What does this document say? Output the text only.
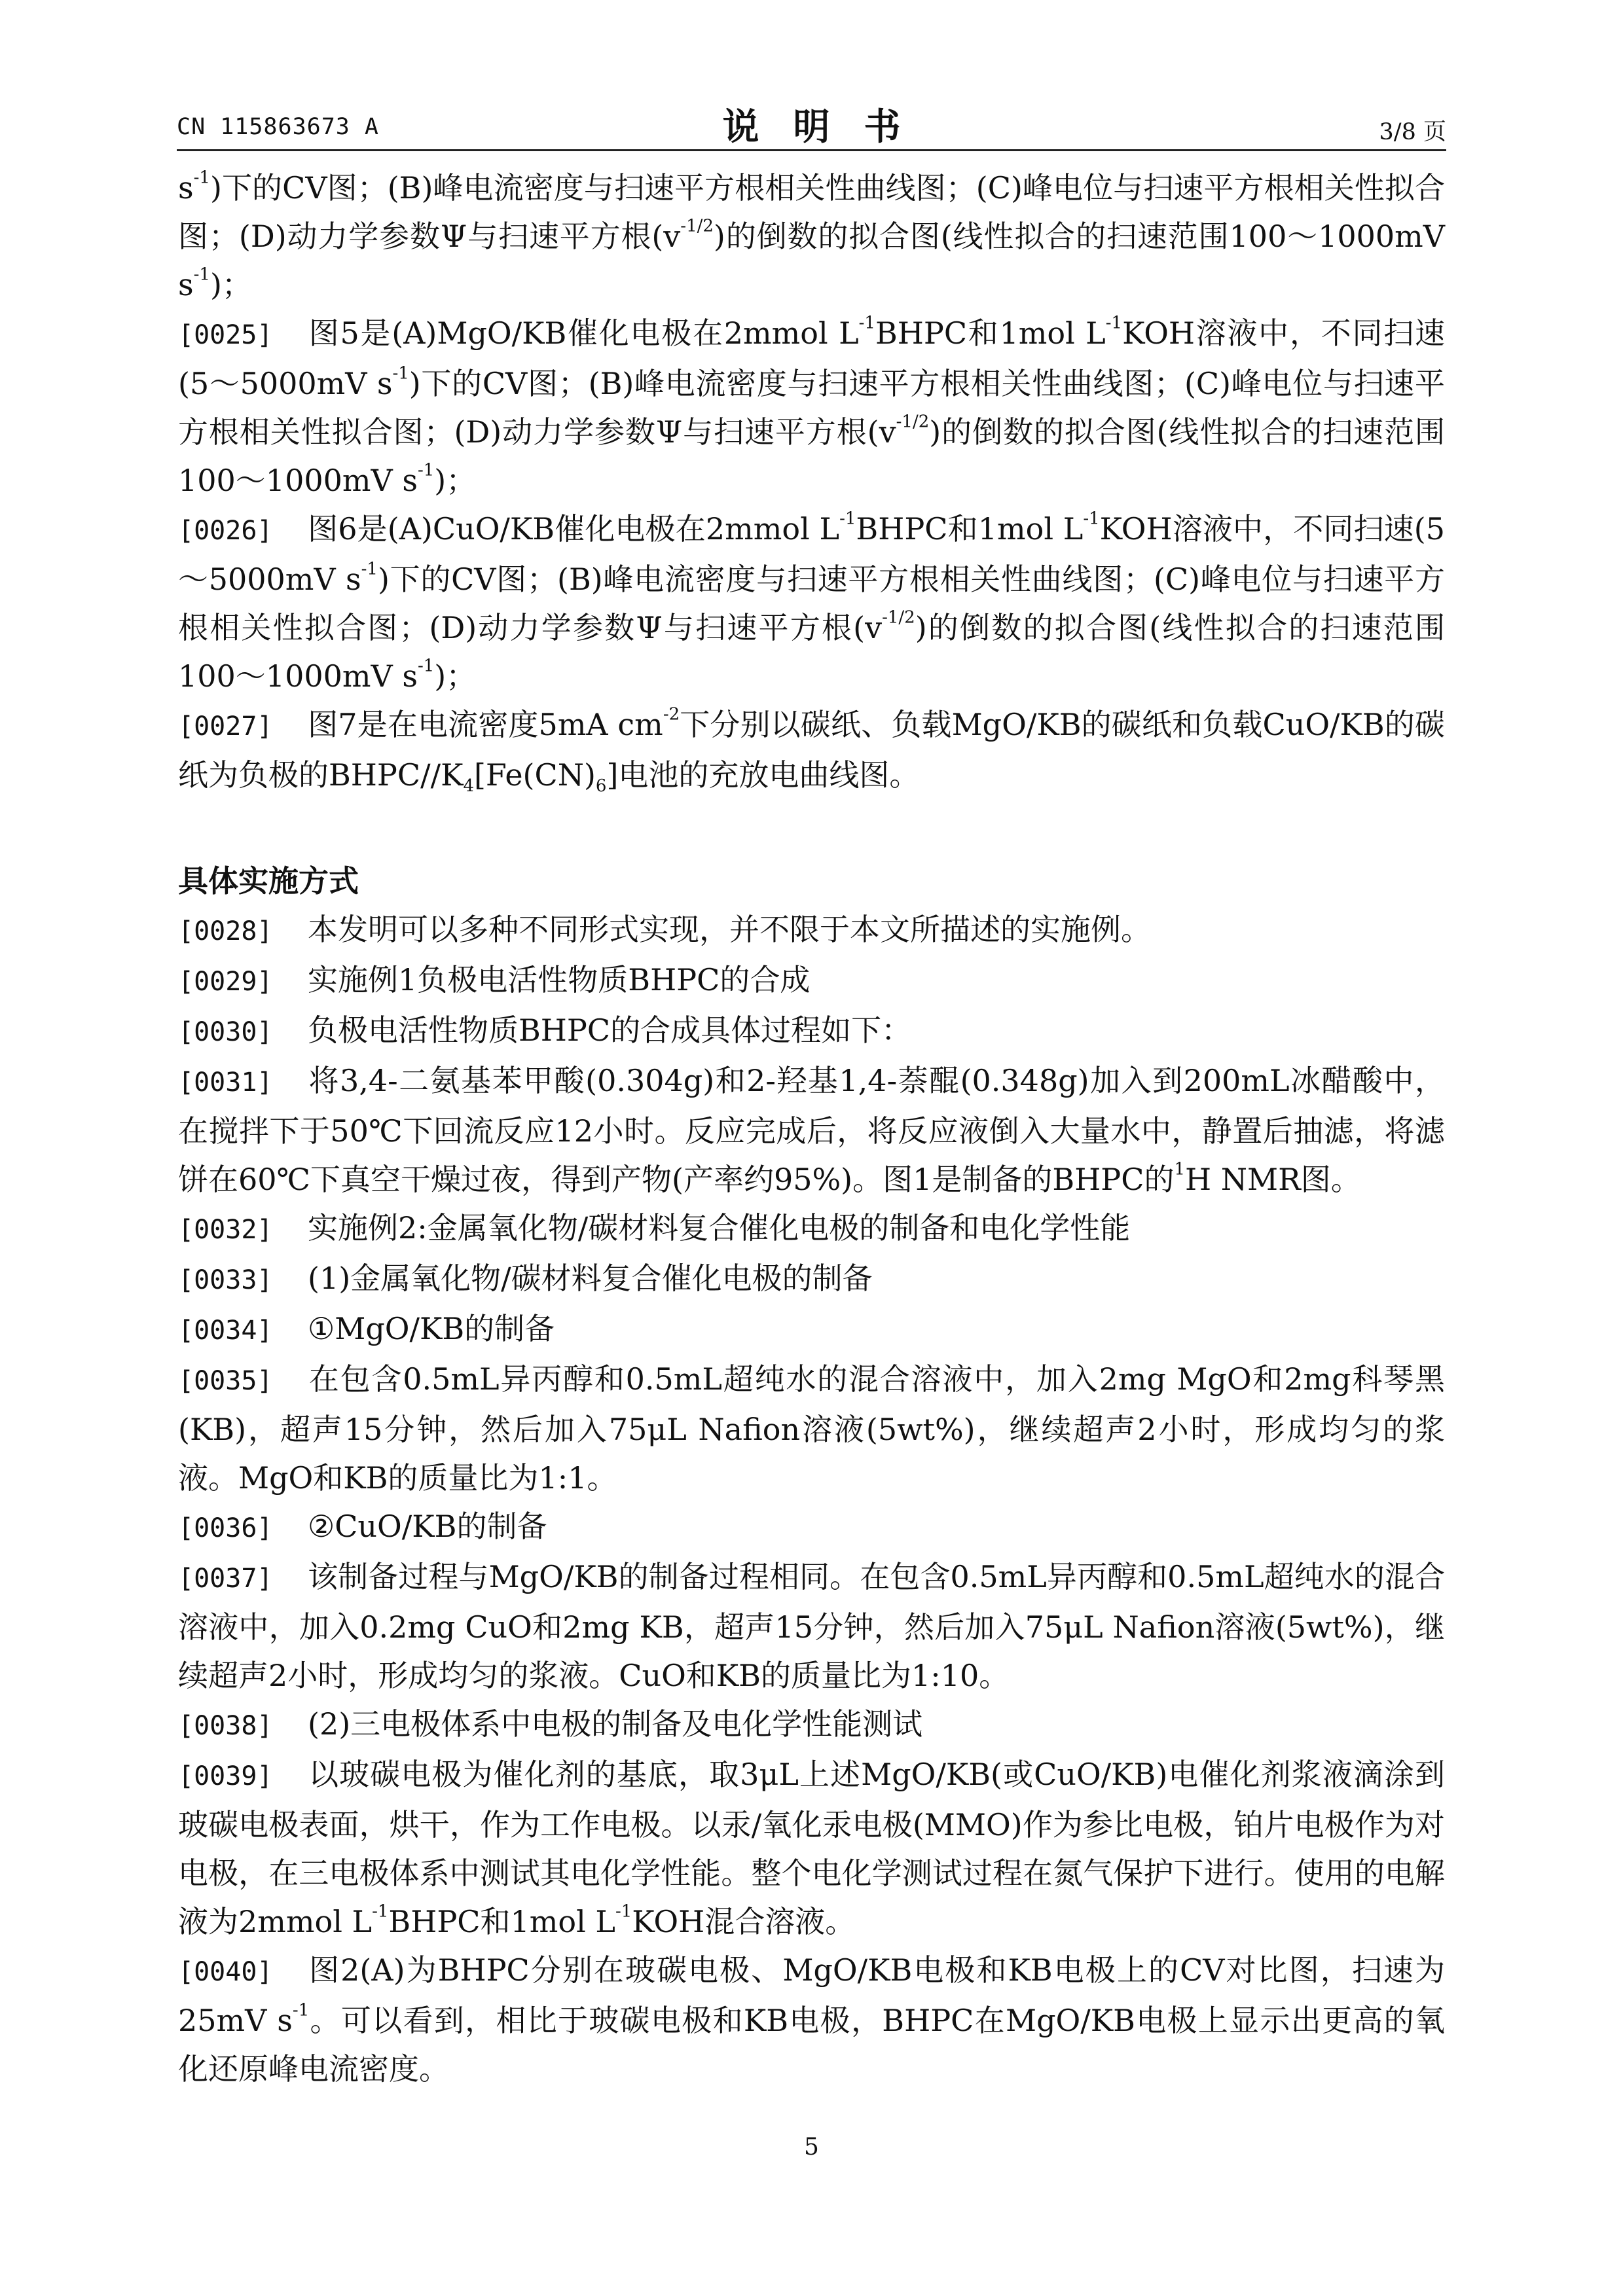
CN 115863673 A	说明书	3/8 页

$s^{-1}$)下的CV图；(B)峰电流密度与扫速平方根相关性曲线图；(C)峰电位与扫速平方根相关性拟合图；(D)动力学参数Ψ与扫速平方根$(v^{-1/2})$的倒数的拟合图(线性拟合的扫速范围100～1000mV $s^{-1}$)；

[0025] 图5是(A)MgO/KB催化电极在2mmol $L^{-1}BHPC$和1mol $L^{-1}KOH$溶液中，不同扫速(5～5000mV $s^{-1}$)下的CV图；(B)峰电流密度与扫速平方根相关性曲线图；(C)峰电位与扫速平方根相关性拟合图；(D)动力学参数Ψ与扫速平方根$(v^{-1/2})$的倒数的拟合图(线性拟合的扫速范围100～1000mV $s^{-1}$)；

[0026] 图6是(A)CuO/KB催化电极在2mmol $L^{-1}BHPC$和1mol $L^{-1}KOH$溶液中，不同扫速(5～5000mV $s^{-1}$)下的CV图；(B)峰电流密度与扫速平方根相关性曲线图；(C)峰电位与扫速平方根相关性拟合图；(D)动力学参数Ψ与扫速平方根$(v^{-1/2})$的倒数的拟合图(线性拟合的扫速范围100～1000mV $s^{-1}$)；

[0027] 图7是在电流密度5mA $cm^{-2}$下分别以碳纸、负载MgO/KB的碳纸和负载CuO/KB的碳纸为负极的BHPC/$/K_4[Fe(CN)_6]$电池的充放电曲线图。

具体实施方式

[0028] 本发明可以多种不同形式实现，并不限于本文所描述的实施例。

[0029] 实施例1负极电活性物质BHPC的合成

[0030] 负极电活性物质BHPC的合成具体过程如下：

[0031] 将3,4-二氨基苯甲酸(0.304g)和2-羟基1,4-萘醌(0.348g)加入到200mL冰醋酸中，在搅拌下于50℃下回流反应12小时。反应完成后，将反应液倒入大量水中，静置后抽滤，将滤饼在60℃下真空干燥过夜，得到产物(产率约95%)。图1是制备的BHPC的$^1$H NMR图。

[0032] 实施例2:金属氧化物/碳材料复合催化电极的制备和电化学性能

[0033] (1)金属氧化物/碳材料复合催化电极的制备

[0034] ①MgO/KB的制备

[0035] 在包含0.5mL异丙醇和0.5mL超纯水的混合溶液中，加入2mg MgO和2mg科琴黑(KB)，超声15分钟，然后加入75μL Nafion溶液(5wt%)，继续超声2小时，形成均匀的浆液。MgO和KB的质量比为1:1。

[0036] ②CuO/KB的制备

[0037] 该制备过程与MgO/KB的制备过程相同。在包含0.5mL异丙醇和0.5mL超纯水的混合溶液中，加入0.2mg CuO和2mg KB，超声15分钟，然后加入75μL Nafion溶液(5wt%)，继续超声2小时，形成均匀的浆液。CuO和KB的质量比为1:10。

[0038] (2)三电极体系中电极的制备及电化学性能测试

[0039] 以玻碳电极为催化剂的基底，取3μL上述MgO/KB(或CuO/KB)电催化剂浆液滴涂到玻碳电极表面，烘干，作为工作电极。以汞/氧化汞电极(MMO)作为参比电极，铂片电极作为对电极，在三电极体系中测试其电化学性能。整个电化学测试过程在氮气保护下进行。使用的电解液为2mmol $L^{-1}BHPC$和1mol $L^{-1}KOH$混合溶液。

[0040] 图2(A)为BHPC分别在玻碳电极、MgO/KB电极和KB电极上的CV对比图，扫速为25mV $s^{-1}$。可以看到，相比于玻碳电极和KB电极，BHPC在MgO/KB电极上显示出更高的氧化还原峰电流密度。

5
